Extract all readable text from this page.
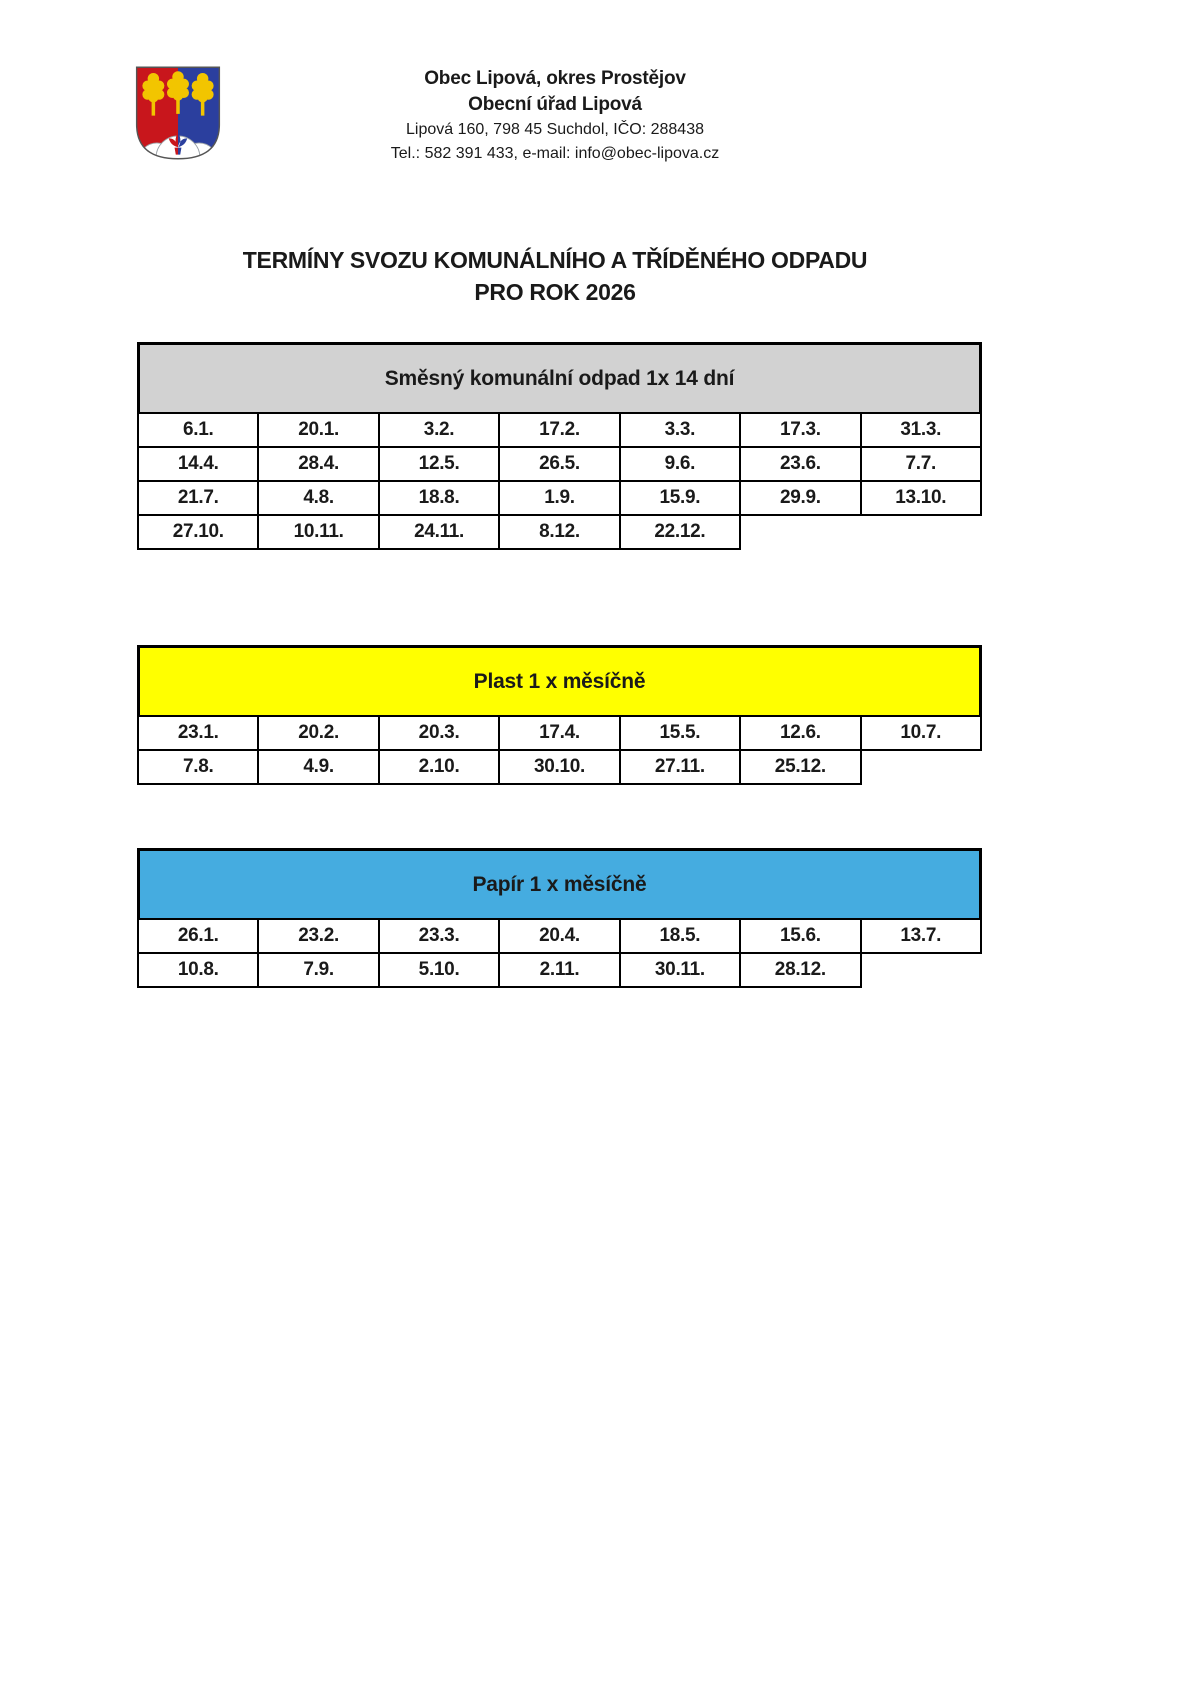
Obec Lipová, okres Prostějov
Obecní úřad Lipová
Lipová 160, 798 45 Suchdol, IČO: 288438
Tel.: 582 391 433, e-mail: info@obec-lipova.cz
TERMÍNY SVOZU KOMUNÁLNÍHO A TŘÍDĚNÉHO ODPADU
PRO ROK 2026
Směsný komunální odpad 1x 14 dní
6.1.	20.1.	3.2.	17.2.	3.3.	17.3.	31.3.
14.4.	28.4.	12.5.	26.5.	9.6.	23.6.	7.7.
21.7.	4.8.	18.8.	1.9.	15.9.	29.9.	13.10.
27.10.	10.11.	24.11.	8.12.	22.12.		
Plast 1 x měsíčně
23.1.	20.2.	20.3.	17.4.	15.5.	12.6.	10.7.
7.8.	4.9.	2.10.	30.10.	27.11.	25.12.	
Papír 1 x měsíčně
26.1.	23.2.	23.3.	20.4.	18.5.	15.6.	13.7.
10.8.	7.9.	5.10.	2.11.	30.11.	28.12.	
